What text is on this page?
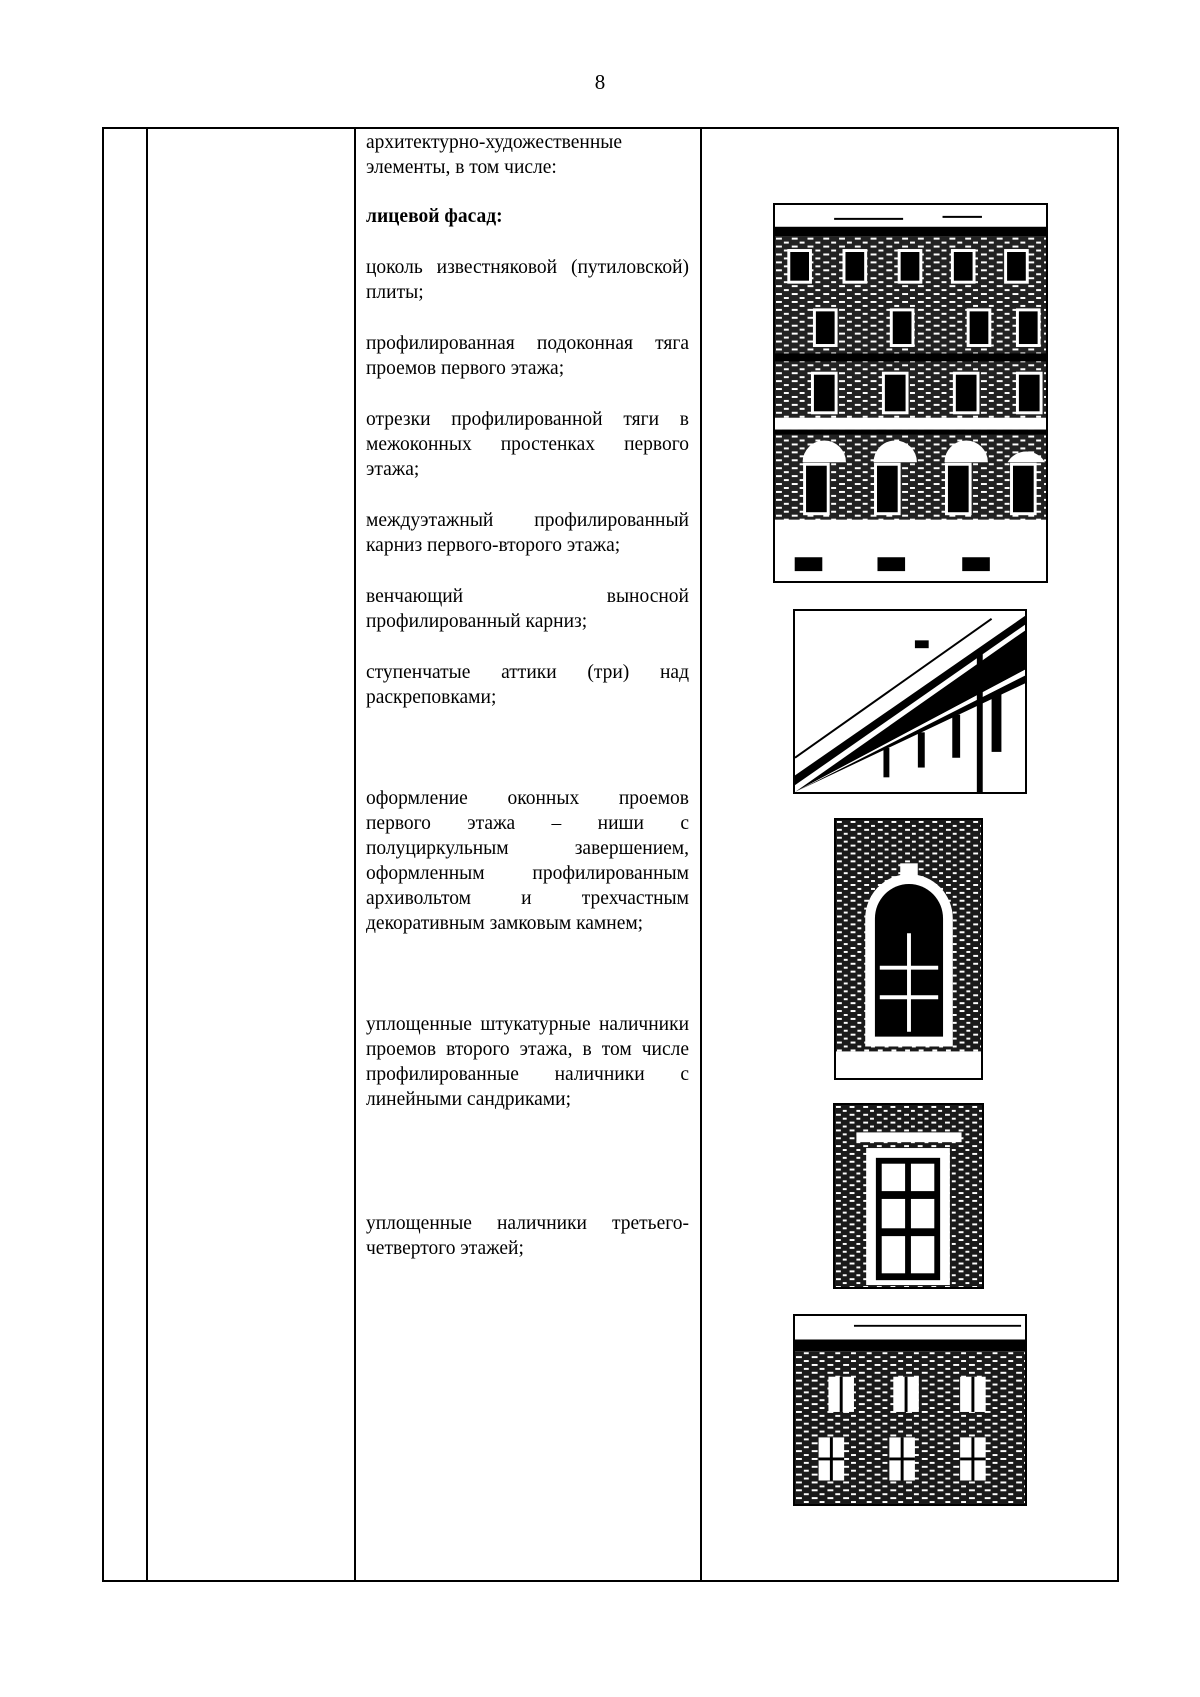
8

архитектурно-художественные элементы, в том числе:

лицевой фасад:

цоколь известняковой (путиловской) плиты;

профилированная подоконная тяга проемов первого этажа;

отрезки профилированной тяги в межоконных простенках первого этажа;

междуэтажный профилированный карниз первого-второго этажа;

венчающий выносной профилированный карниз;

ступенчатые аттики (три) над раскреповками;

оформление оконных проемов первого этажа – ниши с полуциркульным завершением, оформленным профилированным архивольтом и трехчастным декоративным замковым камнем;

уплощенные штукатурные наличники проемов второго этажа, в том числе профилированные наличники с линейными сандриками;

уплощенные наличники третьего-четвертого этажей;
